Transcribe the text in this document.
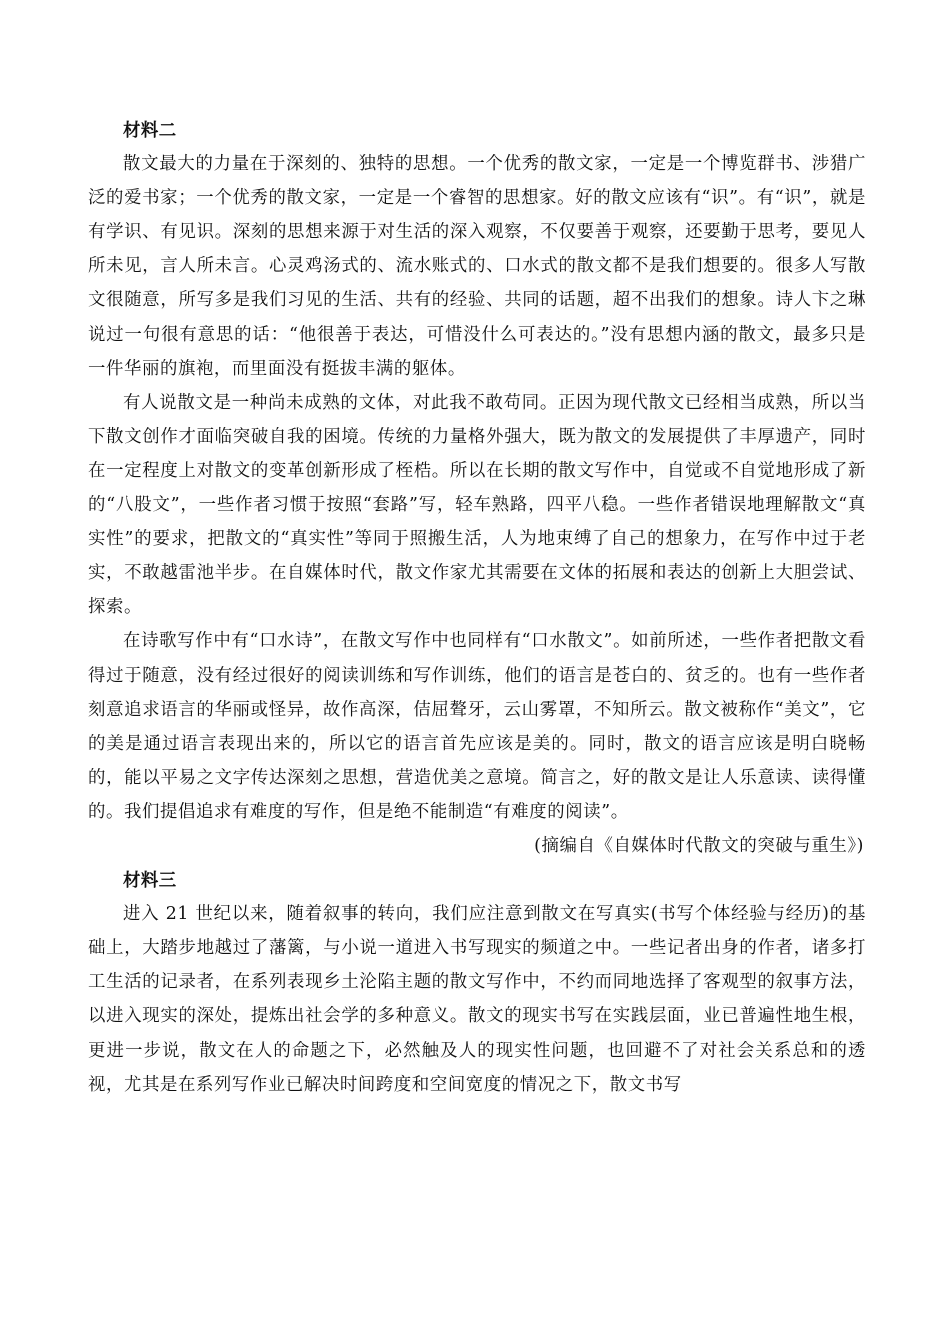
材料二

散文最大的力量在于深刻的、独特的思想。一个优秀的散文家，一定是一个博览群书、涉猎广泛的爱书家；一个优秀的散文家，一定是一个睿智的思想家。好的散文应该有“识”。有“识”，就是有学识、有见识。深刻的思想来源于对生活的深入观察，不仅要善于观察，还要勤于思考，要见人所未见，言人所未言。心灵鸡汤式的、流水账式的、口水式的散文都不是我们想要的。很多人写散文很随意，所写多是我们习见的生活、共有的经验、共同的话题，超不出我们的想象。诗人卞之琳说过一句很有意思的话：“他很善于表达，可惜没什么可表达的。”没有思想内涵的散文，最多只是一件华丽的旗袍，而里面没有挺拔丰满的躯体。

有人说散文是一种尚未成熟的文体，对此我不敢苟同。正因为现代散文已经相当成熟，所以当下散文创作才面临突破自我的困境。传统的力量格外强大，既为散文的发展提供了丰厚遗产，同时在一定程度上对散文的变革创新形成了桎梏。所以在长期的散文写作中，自觉或不自觉地形成了新的“八股文”，一些作者习惯于按照“套路”写，轻车熟路，四平八稳。一些作者错误地理解散文“真实性”的要求，把散文的“真实性”等同于照搬生活，人为地束缚了自己的想象力，在写作中过于老实，不敢越雷池半步。在自媒体时代，散文作家尤其需要在文体的拓展和表达的创新上大胆尝试、探索。

在诗歌写作中有“口水诗”，在散文写作中也同样有“口水散文”。如前所述，一些作者把散文看得过于随意，没有经过很好的阅读训练和写作训练，他们的语言是苍白的、贫乏的。也有一些作者刻意追求语言的华丽或怪异，故作高深，佶屈聱牙，云山雾罩，不知所云。散文被称作“美文”，它的美是通过语言表现出来的，所以它的语言首先应该是美的。同时，散文的语言应该是明白晓畅的，能以平易之文字传达深刻之思想，营造优美之意境。简言之，好的散文是让人乐意读、读得懂的。我们提倡追求有难度的写作，但是绝不能制造“有难度的阅读”。

(摘编自《自媒体时代散文的突破与重生》)

材料三

进入 21 世纪以来，随着叙事的转向，我们应注意到散文在写真实(书写个体经验与经历)的基础上，大踏步地越过了藩篱，与小说一道进入书写现实的频道之中。一些记者出身的作者，诸多打工生活的记录者，在系列表现乡土沦陷主题的散文写作中，不约而同地选择了客观型的叙事方法，以进入现实的深处，提炼出社会学的多种意义。散文的现实书写在实践层面，业已普遍性地生根，更进一步说，散文在人的命题之下，必然触及人的现实性问题，也回避不了对社会关系总和的透视，尤其是在系列写作业已解决时间跨度和空间宽度的情况之下，散文书写
